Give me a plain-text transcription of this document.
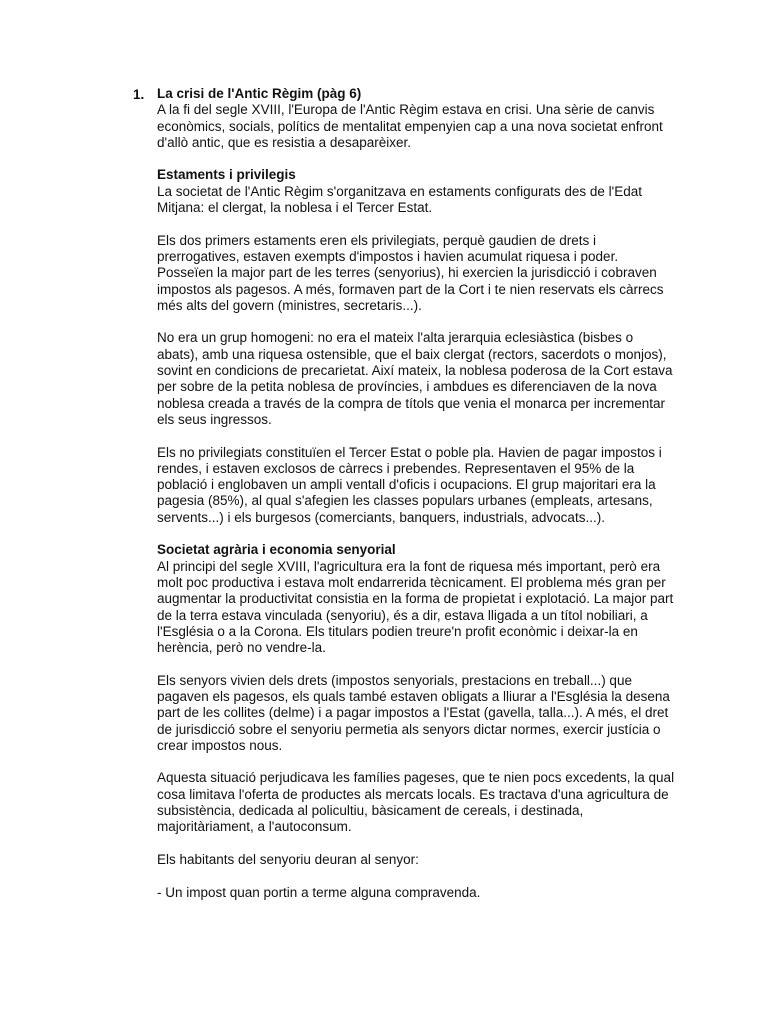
1. La crisi de l'Antic Règim (pàg 6)
A la fi del segle XVIII, l'Europa de l'Antic Règim estava en crisi. Una sèrie de canvis econòmics, socials, polítics de mentalitat empenyien cap a una nova societat enfront d'allò antic, que es resistia a desaparèixer.
Estaments i privilegis
La societat de l'Antic Règim s'organitzava en estaments configurats des de l'Edat Mitjana: el clergat, la noblesa i el Tercer Estat.

Els dos primers estaments eren els privilegiats, perquè gaudien de drets i prerrogatives, estaven exempts d'impostos i havien acumulat riquesa i poder. Posseïen la major part de les terres (senyorius), hi exercien la jurisdicció i cobraven impostos als pagesos. A més, formaven part de la Cort i te nien reservats els càrrecs més alts del govern (ministres, secretaris...).

No era un grup homogeni: no era el mateix l'alta jerarquia eclesiàstica (bisbes o abats), amb una riquesa ostensible, que el baix clergat (rectors, sacerdots o monjos), sovint en condicions de precarietat. Així mateix, la noblesa poderosa de la Cort estava per sobre de la petita noblesa de províncies, i ambdues es diferenciaven de la nova noblesa creada a través de la compra de títols que venia el monarca per incrementar els seus ingressos.

Els no privilegiats constituïen el Tercer Estat o poble pla. Havien de pagar impostos i rendes, i estaven exclosos de càrrecs i prebendes. Representaven el 95% de la població i englobaven un ampli ventall d'oficis i ocupacions. El grup majoritari era la pagesia (85%), al qual s'afegien les classes populars urbanes (empleats, artesans, servents...) i els burgesos (comerciants, banquers, industrials, advocats...).

Societat agrària i economia senyorial
Al principi del segle XVIII, l'agricultura era la font de riquesa més important, però era molt poc productiva i estava molt endarrerida tècnicament. El problema més gran per augmentar la productivitat consistia en la forma de propietat i explotació. La major part de la terra estava vinculada (senyoriu), és a dir, estava lligada a un títol nobiliari, a l'Església o a la Corona. Els titulars podien treure'n profit econòmic i deixar-la en herència, però no vendre-la.

Els senyors vivien dels drets (impostos senyorials, prestacions en treball...) que pagaven els pagesos, els quals també estaven obligats a lliurar a l'Església la desena part de les collites (delme) i a pagar impostos a l'Estat (gavella, talla...). A més, el dret de jurisdicció sobre el senyoriu permetia als senyors dictar normes, exercir justícia o crear impostos nous.

Aquesta situació perjudicava les famílies pageses, que te nien pocs excedents, la qual cosa limitava l'oferta de productes als mercats locals. Es tractava d'una agricultura de subsistència, dedicada al policultiu, bàsicament de cereals, i destinada, majoritàriament, a l'autoconsum.

Els habitants del senyoriu deuran al senyor:

- Un impost quan portin a terme alguna compravenda.
